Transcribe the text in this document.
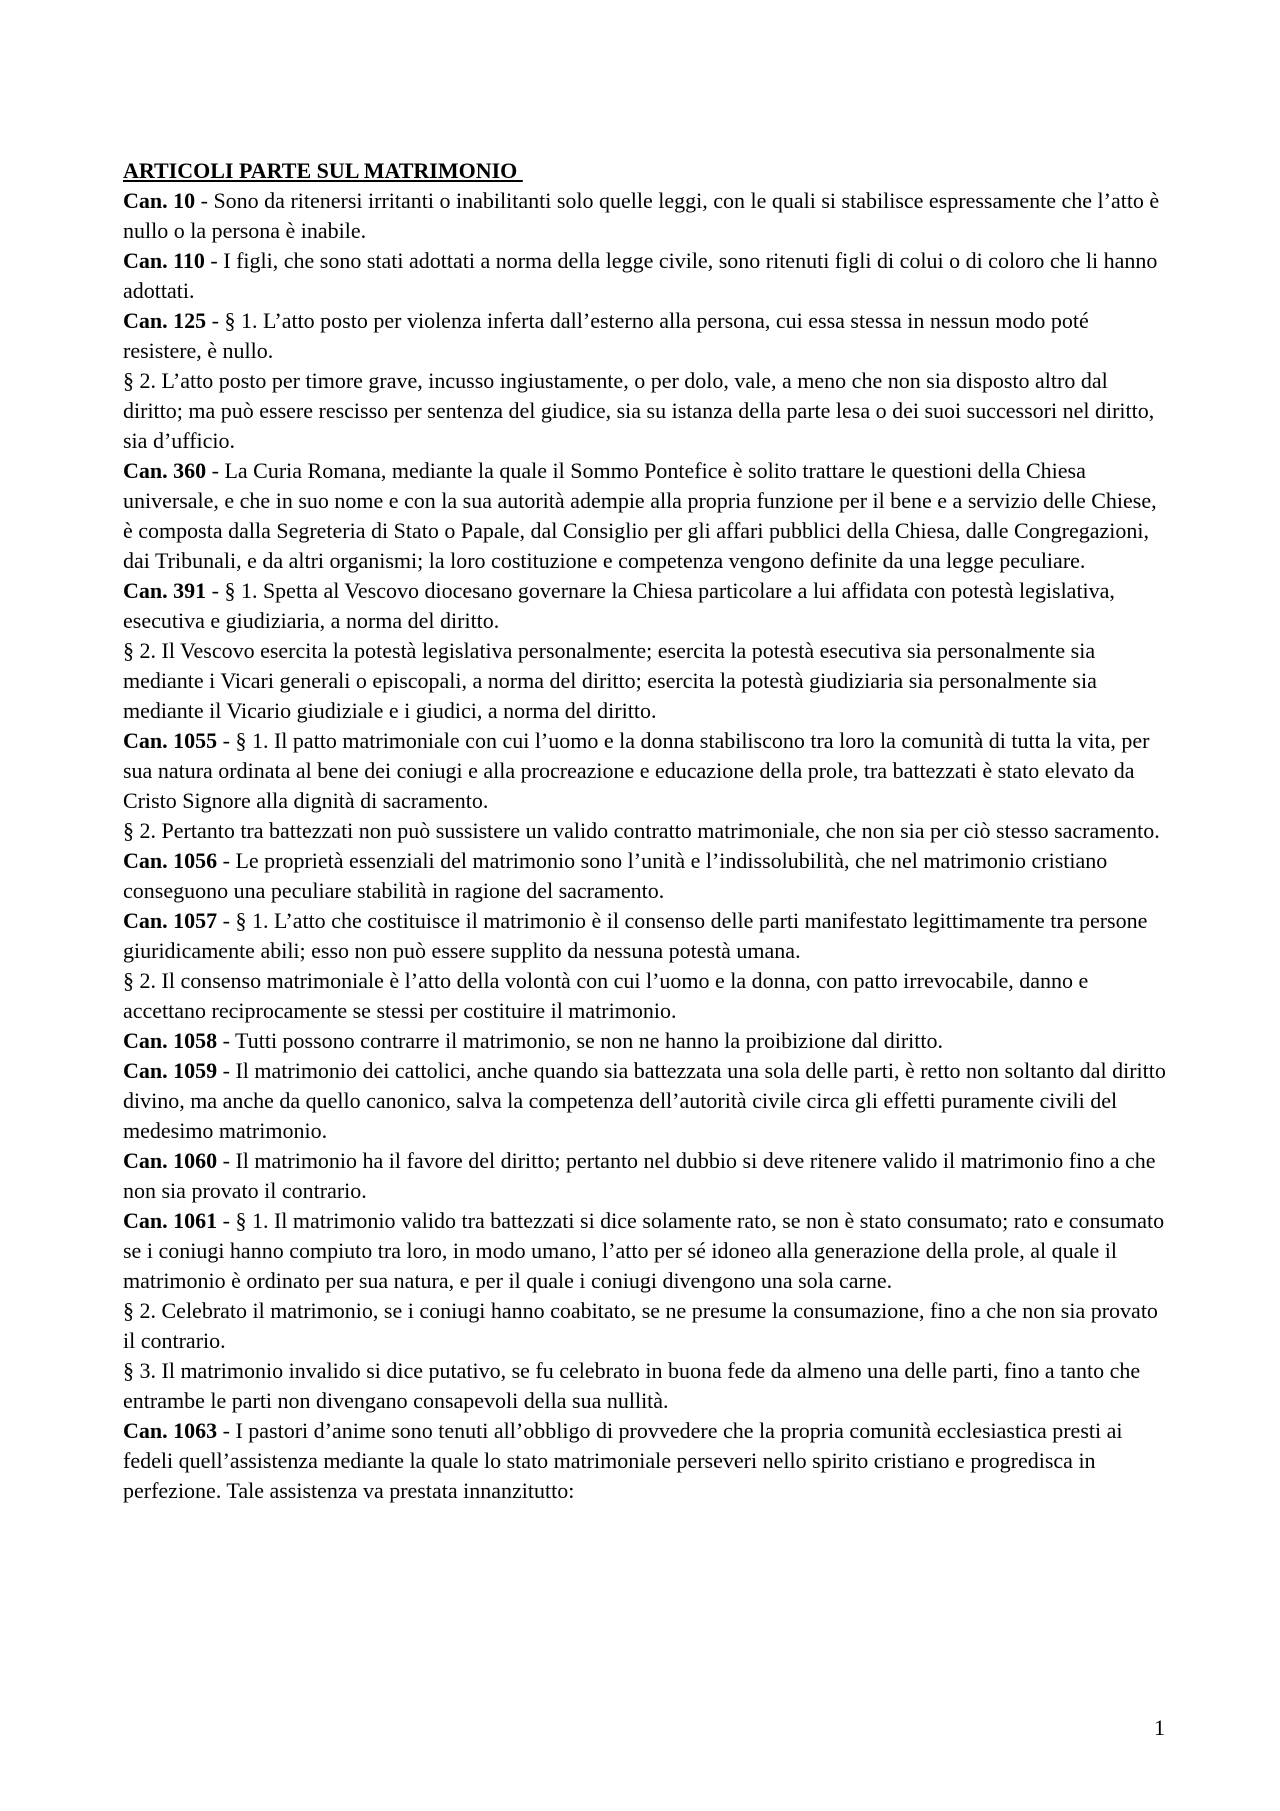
ARTICOLI PARTE SUL MATRIMONIO

Can. 10 - Sono da ritenersi irritanti o inabilitanti solo quelle leggi, con le quali si stabilisce espressamente che l’atto è nullo o la persona è inabile.

Can. 110 - I figli, che sono stati adottati a norma della legge civile, sono ritenuti figli di colui o di coloro che li hanno adottati.

Can. 125 - § 1. L’atto posto per violenza inferta dall’esterno alla persona, cui essa stessa in nessun modo poté resistere, è nullo.

§ 2. L’atto posto per timore grave, incusso ingiustamente, o per dolo, vale, a meno che non sia disposto altro dal diritto; ma può essere rescisso per sentenza del giudice, sia su istanza della parte lesa o dei suoi successori nel diritto, sia d’ufficio.

Can. 360 - La Curia Romana, mediante la quale il Sommo Pontefice è solito trattare le questioni della Chiesa universale, e che in suo nome e con la sua autorità adempie alla propria funzione per il bene e a servizio delle Chiese, è composta dalla Segreteria di Stato o Papale, dal Consiglio per gli affari pubblici della Chiesa, dalle Congregazioni, dai Tribunali, e da altri organismi; la loro costituzione e competenza vengono definite da una legge peculiare.

Can. 391 - § 1. Spetta al Vescovo diocesano governare la Chiesa particolare a lui affidata con potestà legislativa, esecutiva e giudiziaria, a norma del diritto.

§ 2. Il Vescovo esercita la potestà legislativa personalmente; esercita la potestà esecutiva sia personalmente sia mediante i Vicari generali o episcopali, a norma del diritto; esercita la potestà giudiziaria sia personalmente sia mediante il Vicario giudiziale e i giudici, a norma del diritto.

Can. 1055 - § 1. Il patto matrimoniale con cui l’uomo e la donna stabiliscono tra loro la comunità di tutta la vita, per sua natura ordinata al bene dei coniugi e alla procreazione e educazione della prole, tra battezzati è stato elevato da Cristo Signore alla dignità di sacramento.

§ 2. Pertanto tra battezzati non può sussistere un valido contratto matrimoniale, che non sia per ciò stesso sacramento.

Can. 1056 - Le proprietà essenziali del matrimonio sono l’unità e l’indissolubilità, che nel matrimonio cristiano conseguono una peculiare stabilità in ragione del sacramento.

Can. 1057 - § 1. L’atto che costituisce il matrimonio è il consenso delle parti manifestato legittimamente tra persone giuridicamente abili; esso non può essere supplito da nessuna potestà umana.

§ 2. Il consenso matrimoniale è l’atto della volontà con cui l’uomo e la donna, con patto irrevocabile, danno e accettano reciprocamente se stessi per costituire il matrimonio.

Can. 1058 - Tutti possono contrarre il matrimonio, se non ne hanno la proibizione dal diritto.

Can. 1059 - Il matrimonio dei cattolici, anche quando sia battezzata una sola delle parti, è retto non soltanto dal diritto divino, ma anche da quello canonico, salva la competenza dell’autorità civile circa gli effetti puramente civili del medesimo matrimonio.

Can. 1060 - Il matrimonio ha il favore del diritto; pertanto nel dubbio si deve ritenere valido il matrimonio fino a che non sia provato il contrario.

Can. 1061 - § 1. Il matrimonio valido tra battezzati si dice solamente rato, se non è stato consumato; rato e consumato se i coniugi hanno compiuto tra loro, in modo umano, l’atto per sé idoneo alla generazione della prole, al quale il matrimonio è ordinato per sua natura, e per il quale i coniugi divengono una sola carne.

§ 2. Celebrato il matrimonio, se i coniugi hanno coabitato, se ne presume la consumazione, fino a che non sia provato il contrario.

§ 3. Il matrimonio invalido si dice putativo, se fu celebrato in buona fede da almeno una delle parti, fino a tanto che entrambe le parti non divengano consapevoli della sua nullità.

Can. 1063 - I pastori d’anime sono tenuti all’obbligo di provvedere che la propria comunità ecclesiastica presti ai fedeli quell’assistenza mediante la quale lo stato matrimoniale perseveri nello spirito cristiano e progredisca in perfezione. Tale assistenza va prestata innanzitutto:

1
